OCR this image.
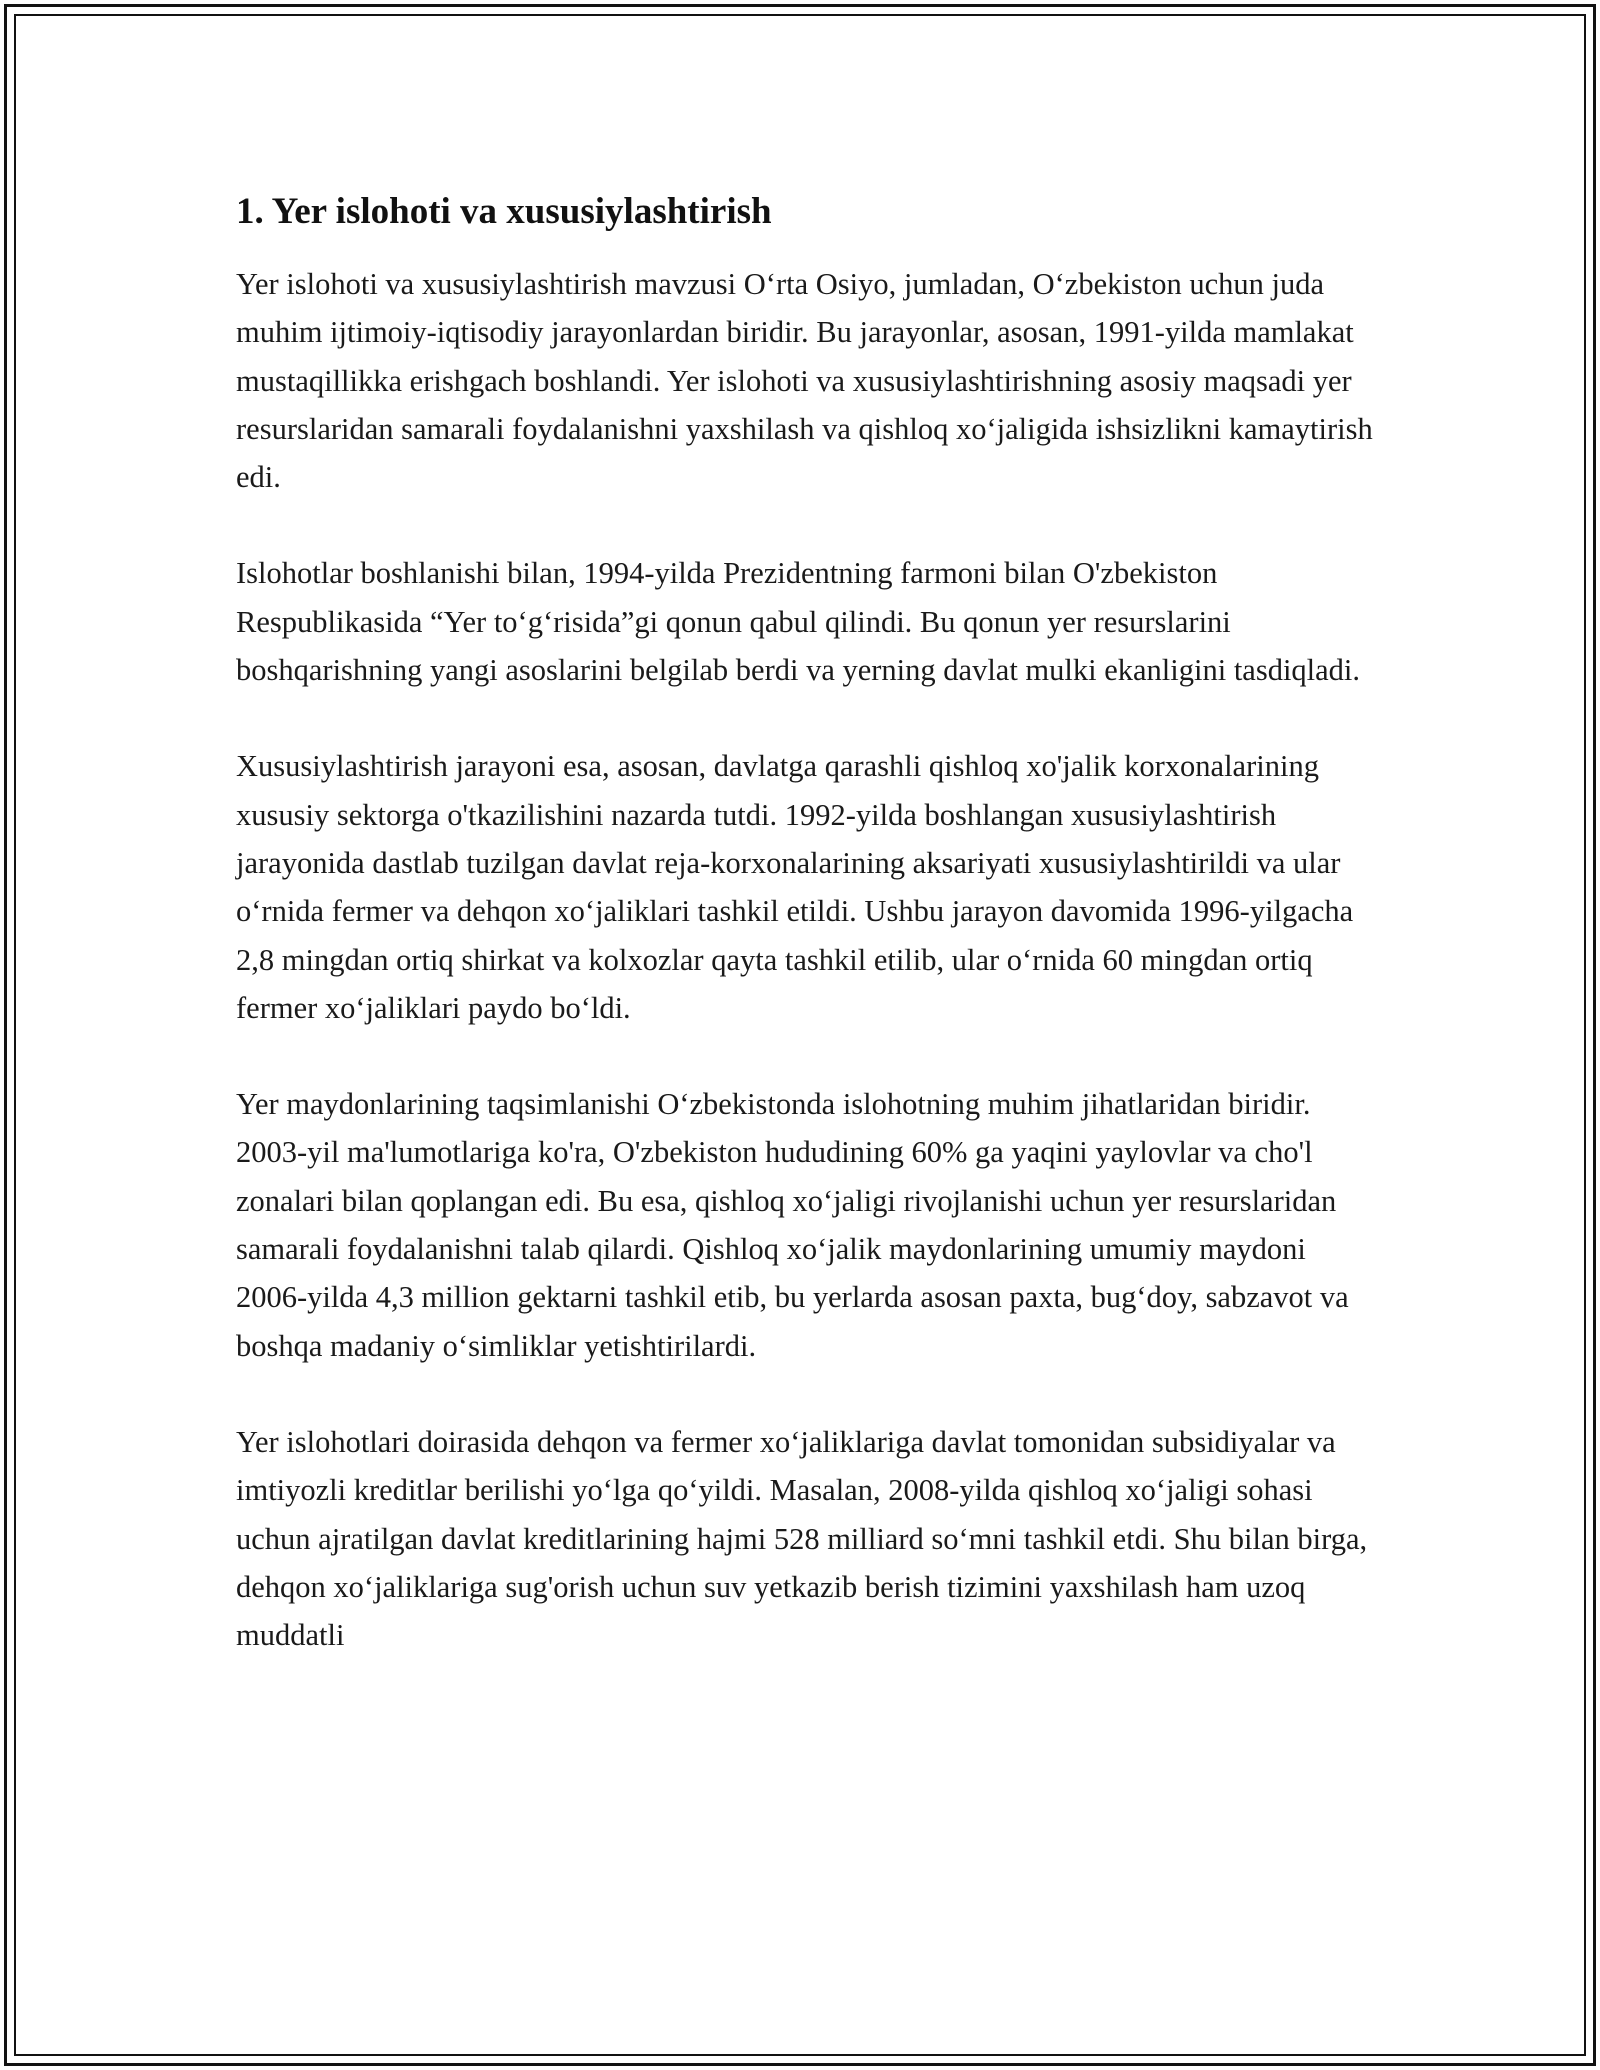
1. Yer islohoti va xususiylashtirish

Yer islohoti va xususiylashtirish mavzusi O‘rta Osiyo, jumladan, O‘zbekiston uchun juda muhim ijtimoiy-iqtisodiy jarayonlardan biridir. Bu jarayonlar, asosan, 1991-yilda mamlakat mustaqillikka erishgach boshlandi. Yer islohoti va xususiylashtirishning asosiy maqsadi yer resurslaridan samarali foydalanishni yaxshilash va qishloq xo‘jaligida ishsizlikni kamaytirish edi.

Islohotlar boshlanishi bilan, 1994-yilda Prezidentning farmoni bilan O'zbekiston Respublikasida “Yer to‘g‘risida”gi qonun qabul qilindi. Bu qonun yer resurslarini boshqarishning yangi asoslarini belgilab berdi va yerning davlat mulki ekanligini tasdiqladi.

Xususiylashtirish jarayoni esa, asosan, davlatga qarashli qishloq xo'jalik korxonalarining xususiy sektorga o'tkazilishini nazarda tutdi. 1992-yilda boshlangan xususiylashtirish jarayonida dastlab tuzilgan davlat reja-korxonalarining aksariyati xususiylashtirildi va ular o‘rnida fermer va dehqon xo‘jaliklari tashkil etildi. Ushbu jarayon davomida 1996-yilgacha 2,8 mingdan ortiq shirkat va kolxozlar qayta tashkil etilib, ular o‘rnida 60 mingdan ortiq fermer xo‘jaliklari paydo bo‘ldi.

Yer maydonlarining taqsimlanishi O‘zbekistonda islohotning muhim jihatlaridan biridir. 2003-yil ma'lumotlariga ko'ra, O'zbekiston hududining 60% ga yaqini yaylovlar va cho'l zonalari bilan qoplangan edi. Bu esa, qishloq xo‘jaligi rivojlanishi uchun yer resurslaridan samarali foydalanishni talab qilardi. Qishloq xo‘jalik maydonlarining umumiy maydoni 2006-yilda 4,3 million gektarni tashkil etib, bu yerlarda asosan paxta, bug‘doy, sabzavot va boshqa madaniy o‘simliklar yetishtirilardi.

Yer islohotlari doirasida dehqon va fermer xo‘jaliklariga davlat tomonidan subsidiyalar va imtiyozli kreditlar berilishi yo‘lga qo‘yildi. Masalan, 2008-yilda qishloq xo‘jaligi sohasi uchun ajratilgan davlat kreditlarining hajmi 528 milliard so‘mni tashkil etdi. Shu bilan birga, dehqon xo‘jaliklariga sug'orish uchun suv yetkazib berish tizimini yaxshilash ham uzoq muddatli
